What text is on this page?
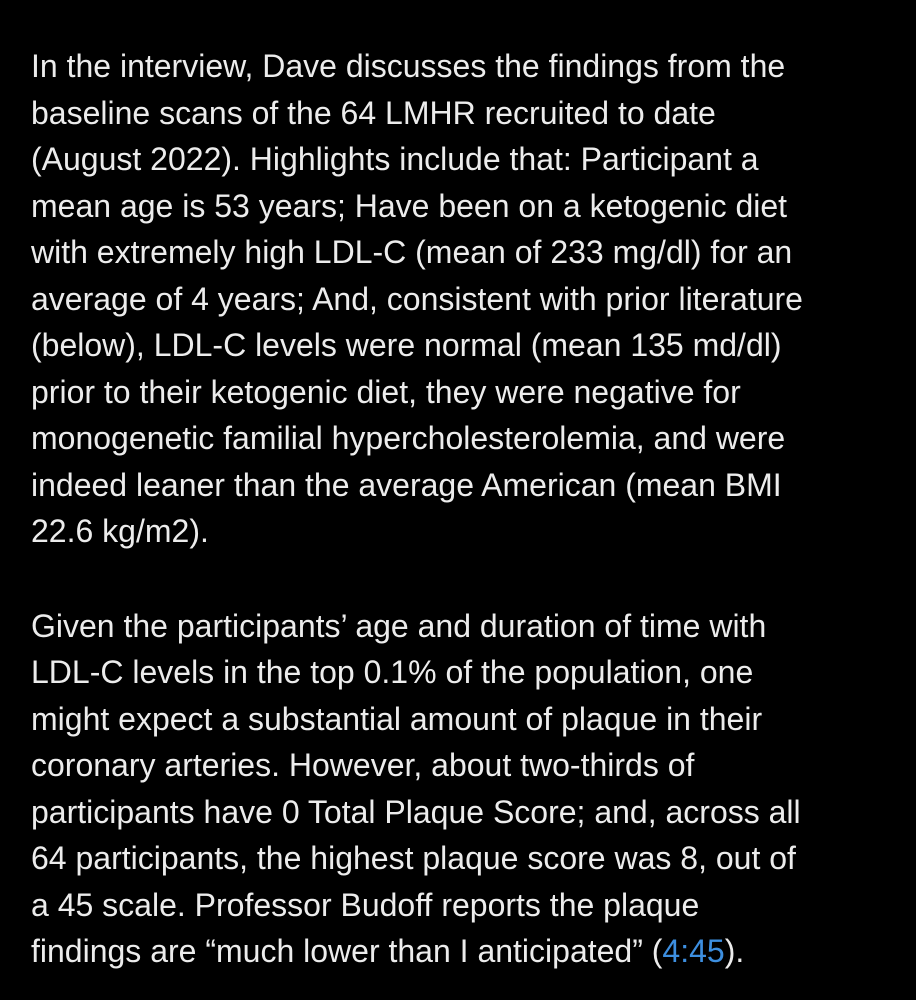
In the interview, Dave discusses the findings from the
baseline scans of the 64 LMHR recruited to date
(August 2022). Highlights include that: Participant a
mean age is 53 years; Have been on a ketogenic diet
with extremely high LDL-C (mean of 233 mg/dl) for an
average of 4 years; And, consistent with prior literature
(below), LDL-C levels were normal (mean 135 md/dl)
prior to their ketogenic diet, they were negative for
monogenetic familial hypercholesterolemia, and were
indeed leaner than the average American (mean BMI
22.6 kg/m2).
Given the participants’ age and duration of time with
LDL-C levels in the top 0.1% of the population, one
might expect a substantial amount of plaque in their
coronary arteries. However, about two-thirds of
participants have 0 Total Plaque Score; and, across all
64 participants, the highest plaque score was 8, out of
a 45 scale. Professor Budoff reports the plaque
findings are “much lower than I anticipated” (4:45).
